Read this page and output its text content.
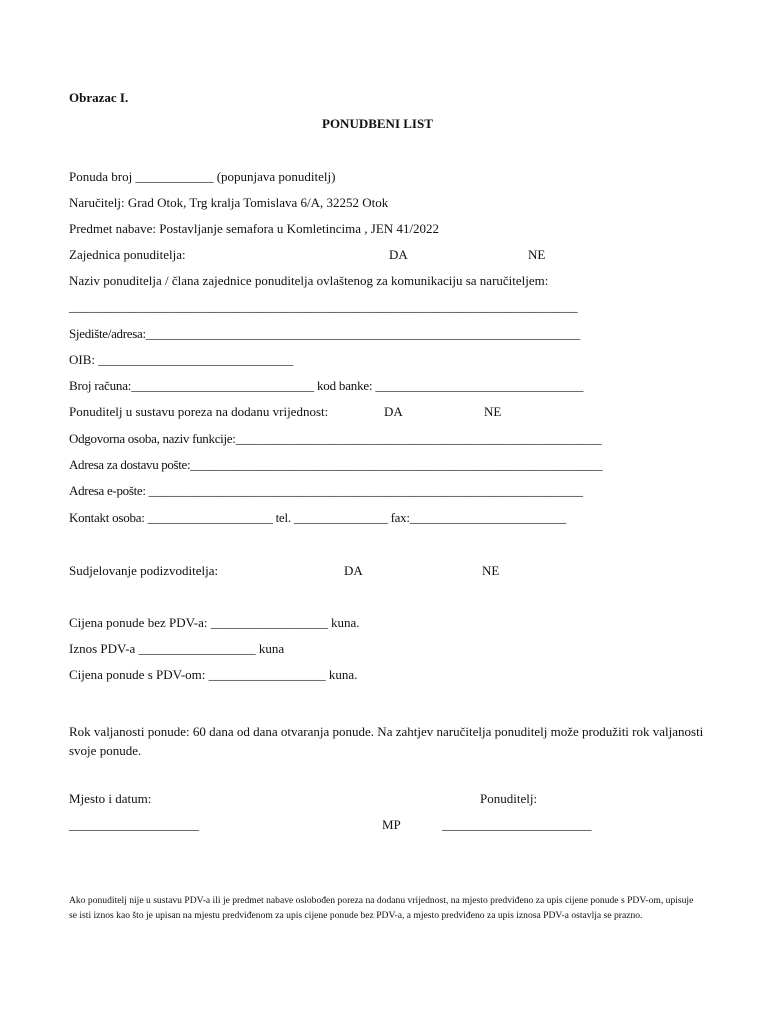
Obrazac I.
PONUDBENI LIST
Ponuda broj ____________ (popunjava ponuditelj)
Naručitelj: Grad Otok, Trg kralja Tomislava 6/A, 32252 Otok
Predmet nabave: Postavljanje semafora u Komletincima , JEN 41/2022
Zajednica ponuditelja:	DA	NE
Naziv ponuditelja / člana zajednice ponuditelja ovlaštenog za komunikaciju sa naručiteljem:
____________________________________________________________________________________
Sjedište/adresa:______________________________________________________________________
OIB: ______________________________
Broj računa:_____________________________ kod banke: _________________________________
Ponuditelj u sustavu poreza na dodanu vrijednost:	DA	NE
Odgovorna osoba, naziv funkcije:___________________________________________________________
Adresa za dostavu pošte:___________________________________________________________________
Adresa e-pošte: ______________________________________________________________________
Kontakt osoba: ____________________ tel. _______________ fax:_________________________
Sudjelovanje podizvoditelja:	DA	NE
Cijena ponude bez PDV-a: __________________ kuna.
Iznos PDV-a __________________ kuna
Cijena ponude s PDV-om: __________________ kuna.
Rok valjanosti ponude: 60 dana od dana otvaranja ponude. Na zahtjev naručitelja ponuditelj može produžiti rok valjanosti svoje ponude.
Mjesto i datum:	Ponuditelj:
____________________	MP	_______________________
Ako ponuditelj nije u sustavu PDV-a ili je predmet nabave oslobođen poreza na dodanu vrijednost, na mjesto predviđeno za upis cijene ponude s PDV-om, upisuje se isti iznos kao što je upisan na mjestu predviđenom za upis cijene ponude bez PDV-a, a mjesto predviđeno za upis iznosa PDV-a ostavlja se prazno.
